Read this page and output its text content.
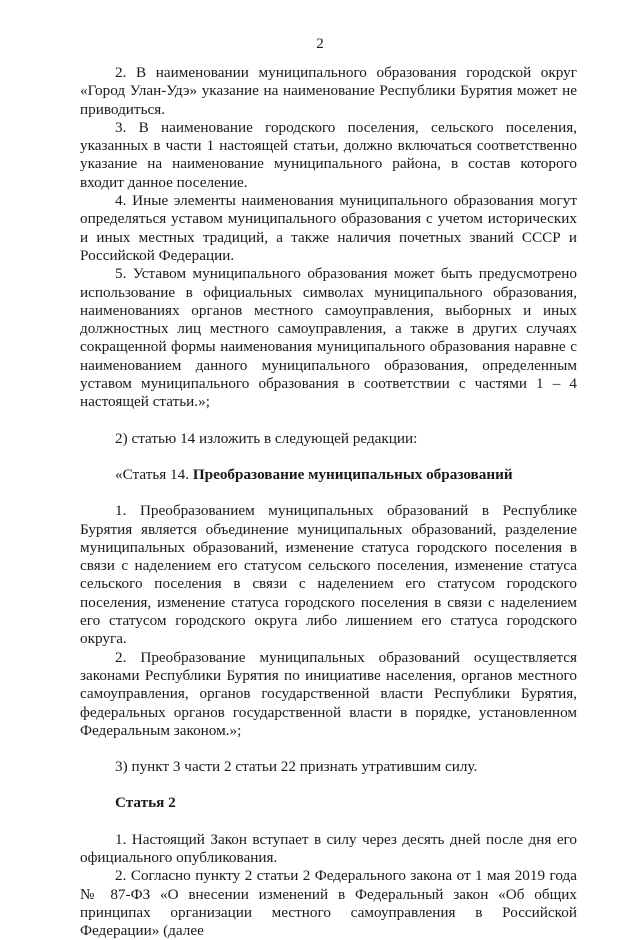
2

2. В наименовании муниципального образования городской округ «Город Улан-Удэ» указание на наименование Республики Бурятия может не приводиться.

3. В наименование городского поселения, сельского поселения, указанных в части 1 настоящей статьи, должно включаться соответственно указание на наименование муниципального района, в состав которого входит данное поселение.

4. Иные элементы наименования муниципального образования могут определяться уставом муниципального образования с учетом исторических и иных местных традиций, а также наличия почетных званий СССР и Российской Федерации.

5. Уставом муниципального образования может быть предусмотрено использование в официальных символах муниципального образования, наименованиях органов местного самоуправления, выборных и иных должностных лиц местного самоуправления, а также в других случаях сокращенной формы наименования муниципального образования наравне с наименованием данного муниципального образования, определенным уставом муниципального образования в соответствии с частями 1 – 4 настоящей статьи.»;

2) статью 14 изложить в следующей редакции:

«Статья 14. Преобразование муниципальных образований

1. Преобразованием муниципальных образований в Республике Бурятия является объединение муниципальных образований, разделение муниципальных образований, изменение статуса городского поселения в связи с наделением его статусом сельского поселения, изменение статуса сельского поселения в связи с наделением его статусом городского поселения, изменение статуса городского поселения в связи с наделением его статусом городского округа либо лишением его статуса городского округа.

2. Преобразование муниципальных образований осуществляется законами Республики Бурятия по инициативе населения, органов местного самоуправления, органов государственной власти Республики Бурятия, федеральных органов государственной власти в порядке, установленном Федеральным законом.»;

3) пункт 3 части 2 статьи 22 признать утратившим силу.

Статья 2

1. Настоящий Закон вступает в силу через десять дней после дня его официального опубликования.

2. Согласно пункту 2 статьи 2 Федерального закона от 1 мая 2019 года № 87-ФЗ «О внесении изменений в Федеральный закон «Об общих принципах организации местного самоуправления в Российской Федерации» (далее
